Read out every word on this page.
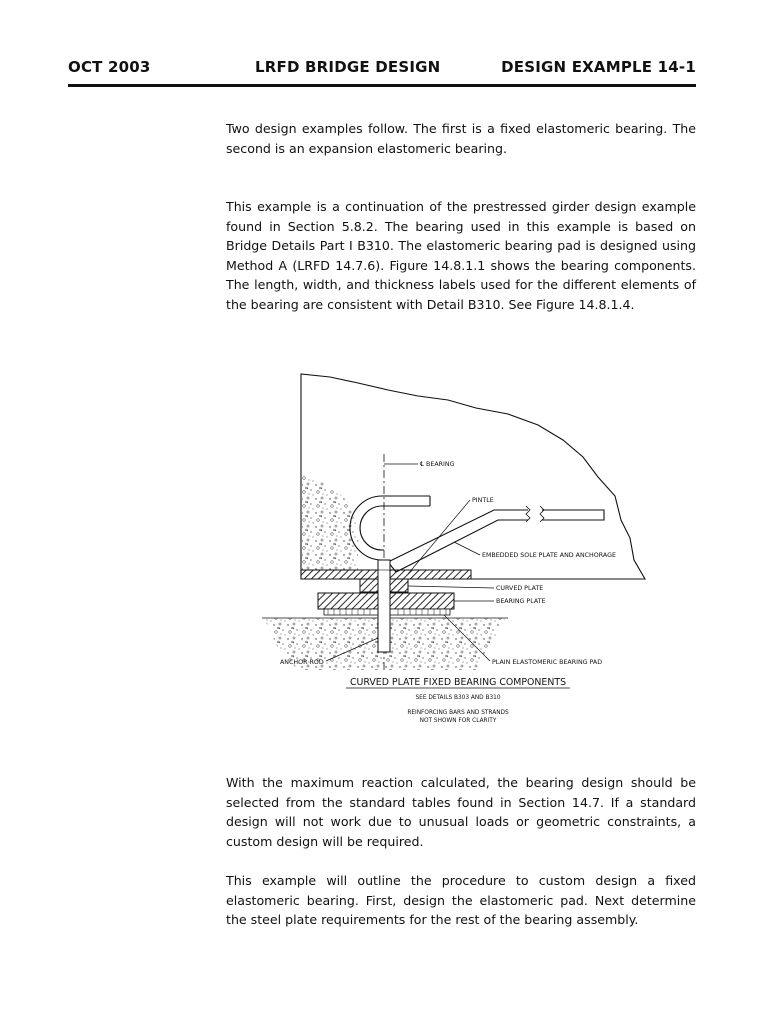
OCT 2003	LRFD BRIDGE DESIGN	DESIGN EXAMPLE 14-1

Two design examples follow. The first is a fixed elastomeric bearing. The second is an expansion elastomeric bearing.

This example is a continuation of the prestressed girder design example found in Section 5.8.2. The bearing used in this example is based on Bridge Details Part I B310. The elastomeric bearing pad is designed using Method A (LRFD 14.7.6). Figure 14.8.1.1 shows the bearing components. The length, width, and thickness labels used for the different elements of the bearing are consistent with Detail B310. See Figure 14.8.1.4.

℄ BEARING
PINTLE
EMBEDDED SOLE PLATE AND ANCHORAGE
CURVED PLATE
BEARING PLATE
ANCHOR ROD	PLAIN ELASTOMERIC BEARING PAD
CURVED PLATE FIXED BEARING COMPONENTS
SEE DETAILS B303 AND B310
REINFORCING BARS AND STRANDS
NOT SHOWN FOR CLARITY

With the maximum reaction calculated, the bearing design should be selected from the standard tables found in Section 14.7. If a standard design will not work due to unusual loads or geometric constraints, a custom design will be required.

This example will outline the procedure to custom design a fixed elastomeric bearing. First, design the elastomeric pad. Next determine the steel plate requirements for the rest of the bearing assembly.
